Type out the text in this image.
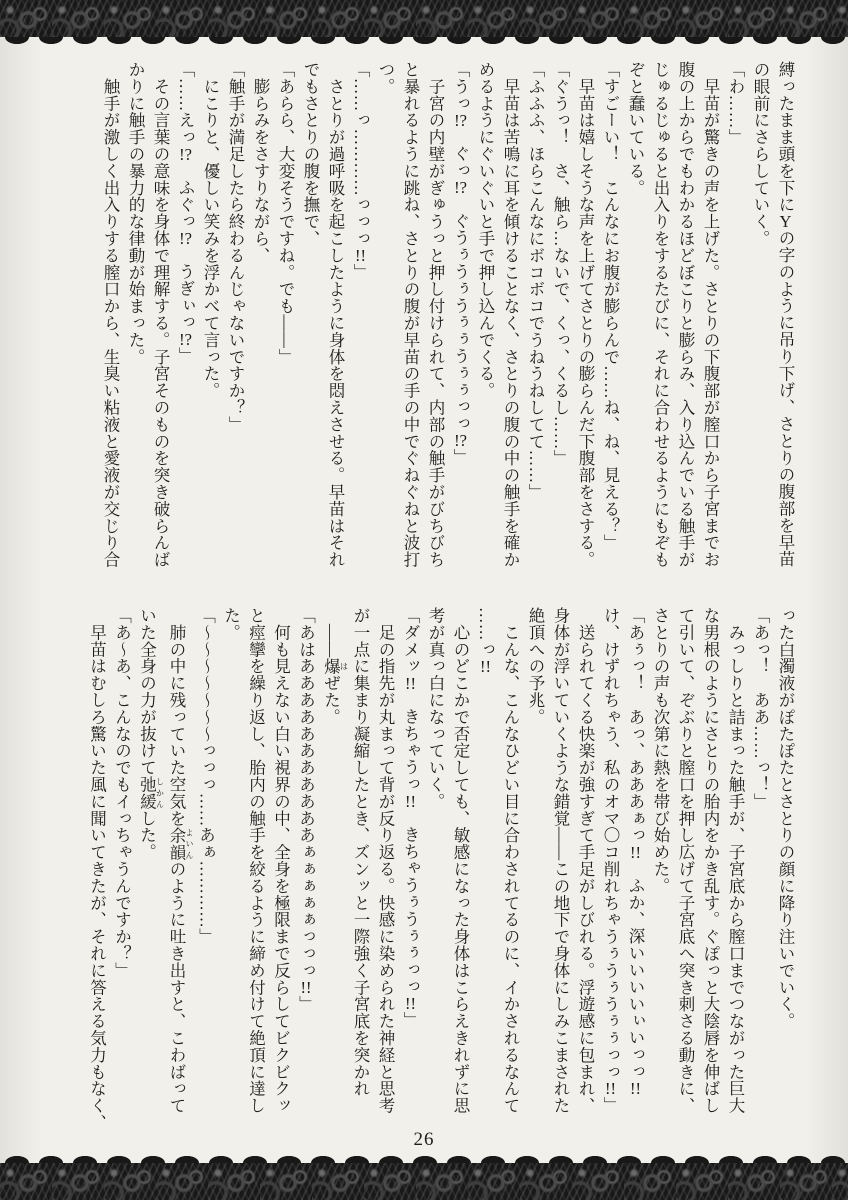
縛ったまま頭を下にYの字のように吊り下げ、さとりの腹部を早苗

の眼前にさらしていく。

「わ……」

　早苗が驚きの声を上げた。さとりの下腹部が膣口から子宮までお

腹の上からでもわかるほどぼこりと膨らみ、入り込んでいる触手が

じゅるじゅると出入りをするたびに、それに合わせるようにもぞも

ぞと蠢いている。

「すごーい！　こんなにお腹が膨らんで……ね、ね、見える？」

　早苗は嬉しそうな声を上げてさとりの膨らんだ下腹部をさする。

「ぐうっ！　さ、触ら…ないで、くっ、くるし……」

「ふふふ、ほらこんなにボコボコでうねうねしてて……」

　早苗は苦鳴に耳を傾けることなく、さとりの腹の中の触手を確か

めるようにぐいぐいと手で押し込んでくる。

「うっ!?　ぐっ!?　ぐうぅうぅうぅぅうぅぅっっ!?」

　子宮の内壁がぎゅうっと押し付けられて、内部の触手がびちびち

と暴れるように跳ね、さとりの腹が早苗の手の中でぐねぐねと波打

つ。

「……っ…………っっっ!!」

　さとりが過呼吸を起こしたように身体を悶えさせる。早苗はそれ

でもさとりの腹を撫で、

「あらら、大変そうですね。でも――」

　膨らみをさすりながら、

「触手が満足したら終わるんじゃないですか？」

　にこりと、優しい笑みを浮かべて言った。

「……えっ!?　ふぐっ!?　うぎぃっ!?」

　その言葉の意味を身体で理解する。子宮そのものを突き破らんば

かりに触手の暴力的な律動が始まった。

　触手が激しく出入りする膣口から、生臭い粘液と愛液が交じり合

った白濁液がぽたぽたとさとりの顔に降り注いでいく。

「あっ！　ああ……っ！」

　みっしりと詰まった触手が、子宮底から膣口までつながった巨大

な男根のようにさとりの胎内をかき乱す。ぐぽっと大陰唇を伸ばし

て引いて、ぞぶりと膣口を押し広げて子宮底へ突き刺さる動きに、

さとりの声も次第に熱を帯び始めた。

「あぅっ！　あっ、あああぁっ!!　ふか、深いいいいぃいっっ!!

け、けずれちゃう、私のオマ〇コ削れちゃうぅうぅうぅぅっっ!!」

　送られてくる快楽が強すぎて手足がしびれる。浮遊感に包まれ、

身体が浮いていくような錯覚――この地下で身体にしみこまされた

絶頂への予兆。

　こんな、こんなひどい目に合わされてるのに、イかされるなんて

……っ!!

　心のどこかで否定しても、敏感になった身体はこらえきれずに思

考が真っ白になっていく。

「ダメッ!!　きちゃうっ!!　きちゃうぅうぅぅっっ!!」

　足の指先が丸まって背が反り返る。快感に染められた神経と思考

が一点に集まり凝縮したとき、ズンッと一際強く子宮底を突かれ

　――爆 はぜた。

「あはあああああああああああぁぁぁぁぁっっっ!!」

　何も見えない白い視界の中、全身を極限まで反らしてビクビクッ

と痙攣を繰り返し、胎内の触手を絞るように締め付けて絶頂に達し

た。

「〜〜〜〜〜〜〜っっっ……あぁ…………」

　肺の中に残っていた空気を余韻 よいんのように吐き出すと、こわばって

いた全身の力が抜けて弛緩 しかんした。

「あ〜あ、こんなのでもイっちゃうんですか？」

　早苗はむしろ驚いた風に聞いてきたが、それに答える気力もなく、

26
